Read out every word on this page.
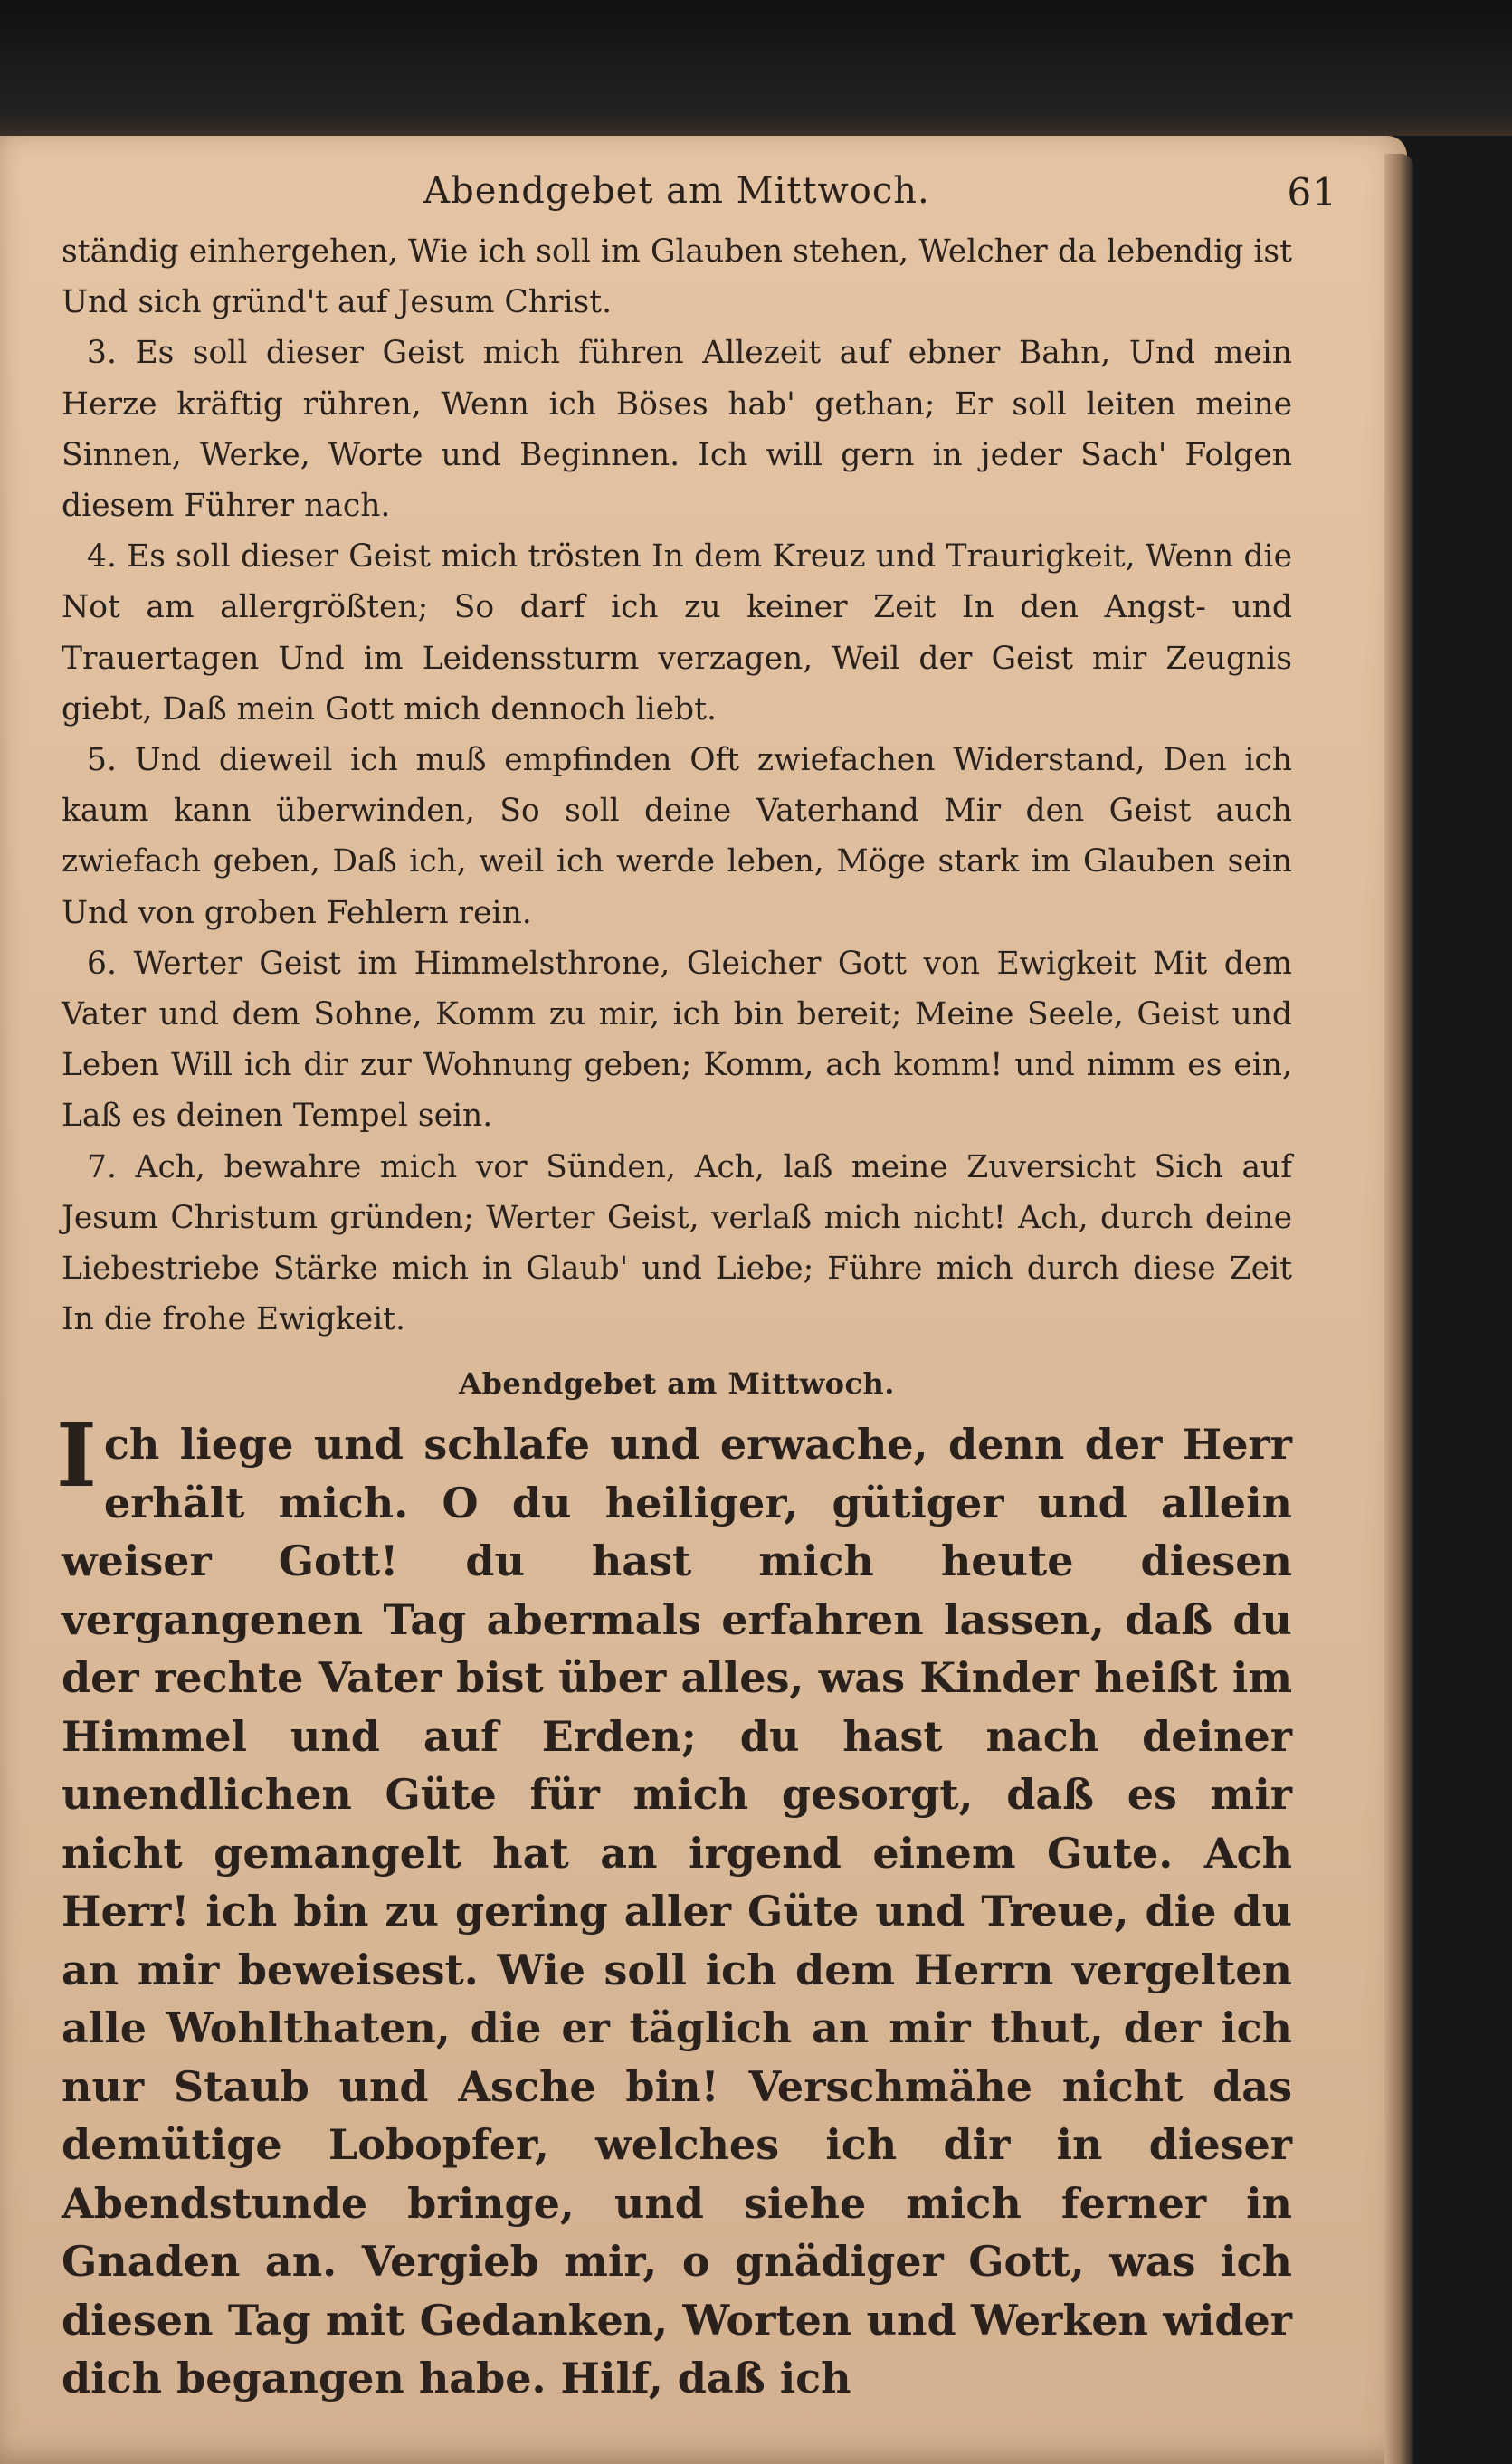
Abendgebet am Mittwoch.	61

ständig einhergehen, Wie ich soll im Glauben stehen, Welcher da lebendig ist Und sich gründ't auf Jesum Christ.

3. Es soll dieser Geist mich führen Allezeit auf ebner Bahn, Und mein Herze kräftig rühren, Wenn ich Böses hab' gethan; Er soll leiten meine Sinnen, Werke, Worte und Beginnen. Ich will gern in jeder Sach' Folgen diesem Führer nach.

4. Es soll dieser Geist mich trösten In dem Kreuz und Traurigkeit, Wenn die Not am allergrößten; So darf ich zu keiner Zeit In den Angst- und Trauertagen Und im Leidenssturm verzagen, Weil der Geist mir Zeugnis giebt, Daß mein Gott mich dennoch liebt.

5. Und dieweil ich muß empfinden Oft zwiefachen Widerstand, Den ich kaum kann überwinden, So soll deine Vaterhand Mir den Geist auch zwiefach geben, Daß ich, weil ich werde leben, Möge stark im Glauben sein Und von groben Fehlern rein.

6. Werter Geist im Himmelsthrone, Gleicher Gott von Ewigkeit Mit dem Vater und dem Sohne, Komm zu mir, ich bin bereit; Meine Seele, Geist und Leben Will ich dir zur Wohnung geben; Komm, ach komm! und nimm es ein, Laß es deinen Tempel sein.

7. Ach, bewahre mich vor Sünden, Ach, laß meine Zuversicht Sich auf Jesum Christum gründen; Werter Geist, verlaß mich nicht! Ach, durch deine Liebestriebe Stärke mich in Glaub' und Liebe; Führe mich durch diese Zeit In die frohe Ewigkeit.

Abendgebet am Mittwoch.

Ich liege und schlafe und erwache, denn der Herr erhält mich. O du heiliger, gütiger und allein weiser Gott! du hast mich heute diesen vergangenen Tag abermals erfahren lassen, daß du der rechte Vater bist über alles, was Kinder heißt im Himmel und auf Erden; du hast nach deiner unendlichen Güte für mich gesorgt, daß es mir nicht gemangelt hat an irgend einem Gute. Ach Herr! ich bin zu gering aller Güte und Treue, die du an mir beweisest. Wie soll ich dem Herrn vergelten alle Wohlthaten, die er täglich an mir thut, der ich nur Staub und Asche bin! Verschmähe nicht das demütige Lobopfer, welches ich dir in dieser Abendstunde bringe, und siehe mich ferner in Gnaden an. Vergieb mir, o gnädiger Gott, was ich diesen Tag mit Gedanken, Worten und Werken wider dich begangen habe. Hilf, daß ich
